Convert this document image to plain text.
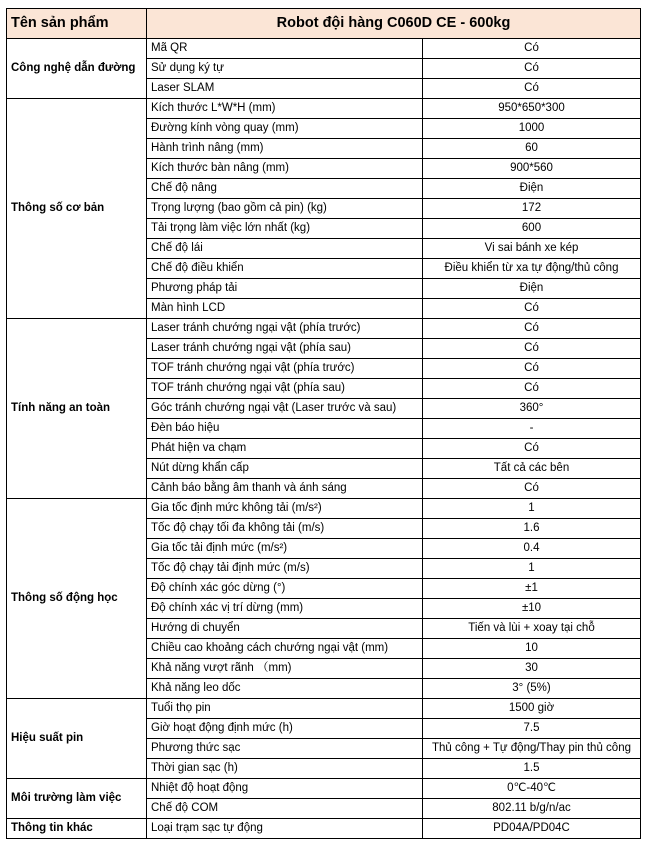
Tên sản phẩm	Robot đội hàng C060D CE - 600kg	
Công nghệ dẫn đường	Mã QR	Có
	Sử dụng ký tự	Có
	Laser SLAM	Có
Thông số cơ bản	Kích thước L*W*H (mm)	950*650*300
	Đường kính vòng quay (mm)	1000
	Hành trình nâng (mm)	60
	Kích thước bàn nâng (mm)	900*560
	Chế độ nâng	Điện
	Trọng lượng (bao gồm cả pin) (kg)	172
	Tải trọng làm việc lớn nhất (kg)	600
	Chế độ lái	Vi sai bánh xe kép
	Chế độ điều khiển	Điều khiển từ xa tự động/thủ công
	Phương pháp tải	Điện
	Màn hình LCD	Có
Tính năng an toàn	Laser tránh chướng ngại vật (phía trước)	Có
	Laser tránh chướng ngại vật (phía sau)	Có
	TOF tránh chướng ngại vật (phía trước)	Có
	TOF tránh chướng ngại vật (phía sau)	Có
	Góc tránh chướng ngại vật (Laser trước và sau)	360°
	Đèn báo hiệu	-
	Phát hiện va chạm	Có
	Nút dừng khẩn cấp	Tất cả các bên
	Cảnh báo bằng âm thanh và ánh sáng	Có
Thông số động học	Gia tốc định mức không tải (m/s²)	1
	Tốc độ chạy tối đa không tải (m/s)	1.6
	Gia tốc tải định mức (m/s²)	0.4
	Tốc độ chạy tải định mức (m/s)	1
	Độ chính xác góc dừng (°)	±1
	Độ chính xác vị trí dừng (mm)	±10
	Hướng di chuyển	Tiến và lùi + xoay tại chỗ
	Chiều cao khoảng cách chướng ngại vật (mm)	10
	Khả năng vượt rãnh （mm)	30
	Khả năng leo dốc	3° (5%)
Hiệu suất pin	Tuổi thọ pin	1500 giờ
	Giờ hoạt động định mức (h)	7.5
	Phương thức sạc	Thủ công + Tự động/Thay pin thủ công
	Thời gian sạc (h)	1.5
Môi trường làm việc	Nhiệt độ hoạt động	0℃-40℃
	Chế độ COM	802.11 b/g/n/ac
Thông tin khác	Loại trạm sạc tự động	PD04A/PD04C
